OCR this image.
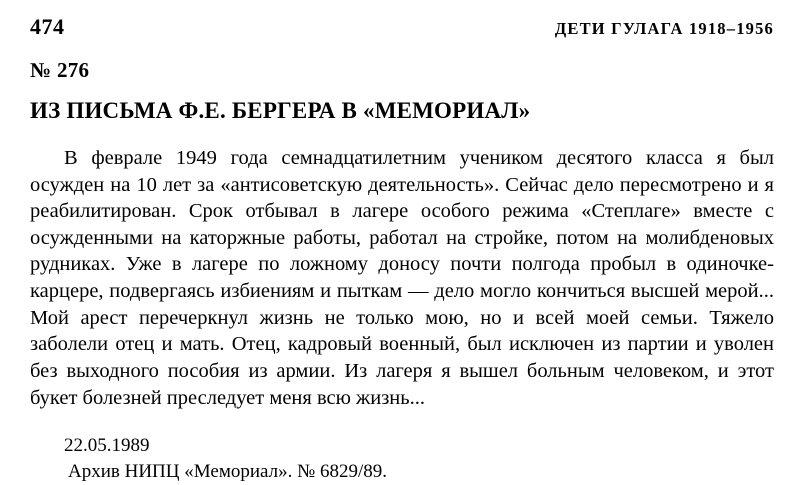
474	ДЕТИ ГУЛАГА 1918–1956
№ 276
ИЗ ПИСЬМА Ф.Е. БЕРГЕРА В «МЕМОРИАЛ»

В феврале 1949 года семнадцатилетним учеником десятого класса я был осужден на 10 лет за «антисоветскую деятельность». Сейчас дело пересмотрено и я реабилитирован. Срок отбывал в лагере особого режима «Степлаге» вместе с осужденными на каторжные работы, работал на стройке, потом на молибденовых рудниках. Уже в лагере по ложному доносу почти полгода пробыл в одиночке-карцере, подвергаясь избиениям и пыткам — дело могло кончиться высшей мерой... Мой арест перечеркнул жизнь не только мою, но и всей моей семьи. Тяжело заболели отец и мать. Отец, кадровый военный, был исключен из партии и уволен без выходного пособия из армии. Из лагеря я вышел больным человеком, и этот букет болезней преследует меня всю жизнь...

22.05.1989
Архив НИПЦ «Мемориал». № 6829/89.
